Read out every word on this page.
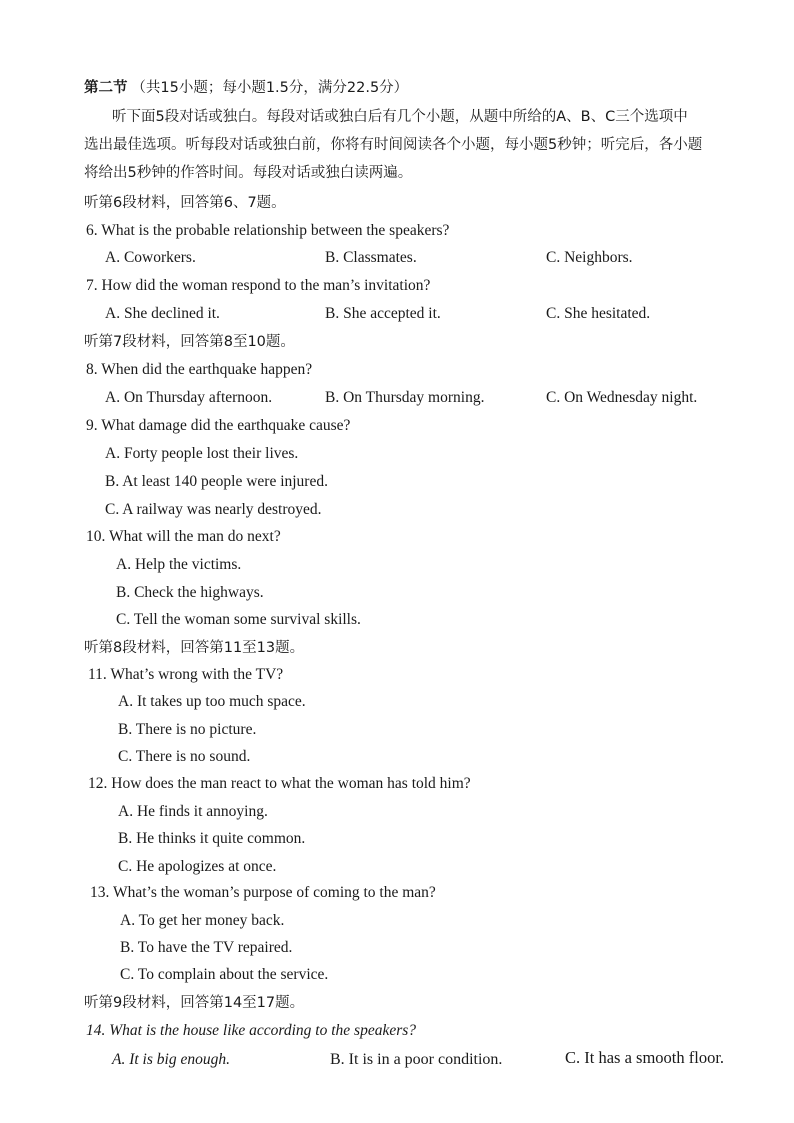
第二节 （共15小题；每小题1.5分，满分22.5分）
听下面5段对话或独白。每段对话或独白后有几个小题，从题中所给的A、B、C三个选项中
选出最佳选项。听每段对话或独白前，你将有时间阅读各个小题，每小题5秒钟；听完后，各小题
将给出5秒钟的作答时间。每段对话或独白读两遍。
听第6段材料，回答第6、7题。
6. What is the probable relationship between the speakers?
A. Coworkers.	B. Classmates.	C. Neighbors.
7. How did the woman respond to the man’s invitation?
A. She declined it.	B. She accepted it.	C. She hesitated.
听第7段材料，回答第8至10题。
8. When did the earthquake happen?
A. On Thursday afternoon.	B. On Thursday morning.	C. On Wednesday night.
9. What damage did the earthquake cause?
A. Forty people lost their lives.
B. At least 140 people were injured.
C. A railway was nearly destroyed.
10. What will the man do next?
A. Help the victims.
B. Check the highways.
C. Tell the woman some survival skills.
听第8段材料，回答第11至13题。
11. What’s wrong with the TV?
A. It takes up too much space.
B. There is no picture.
C. There is no sound.
12. How does the man react to what the woman has told him?
A. He finds it annoying.
B. He thinks it quite common.
C. He apologizes at once.
13. What’s the woman’s purpose of coming to the man?
A. To get her money back.
B. To have the TV repaired.
C. To complain about the service.
听第9段材料，回答第14至17题。
14. What is the house like according to the speakers?
A. It is big enough.	B. It is in a poor condition.	C. It has a smooth floor.
